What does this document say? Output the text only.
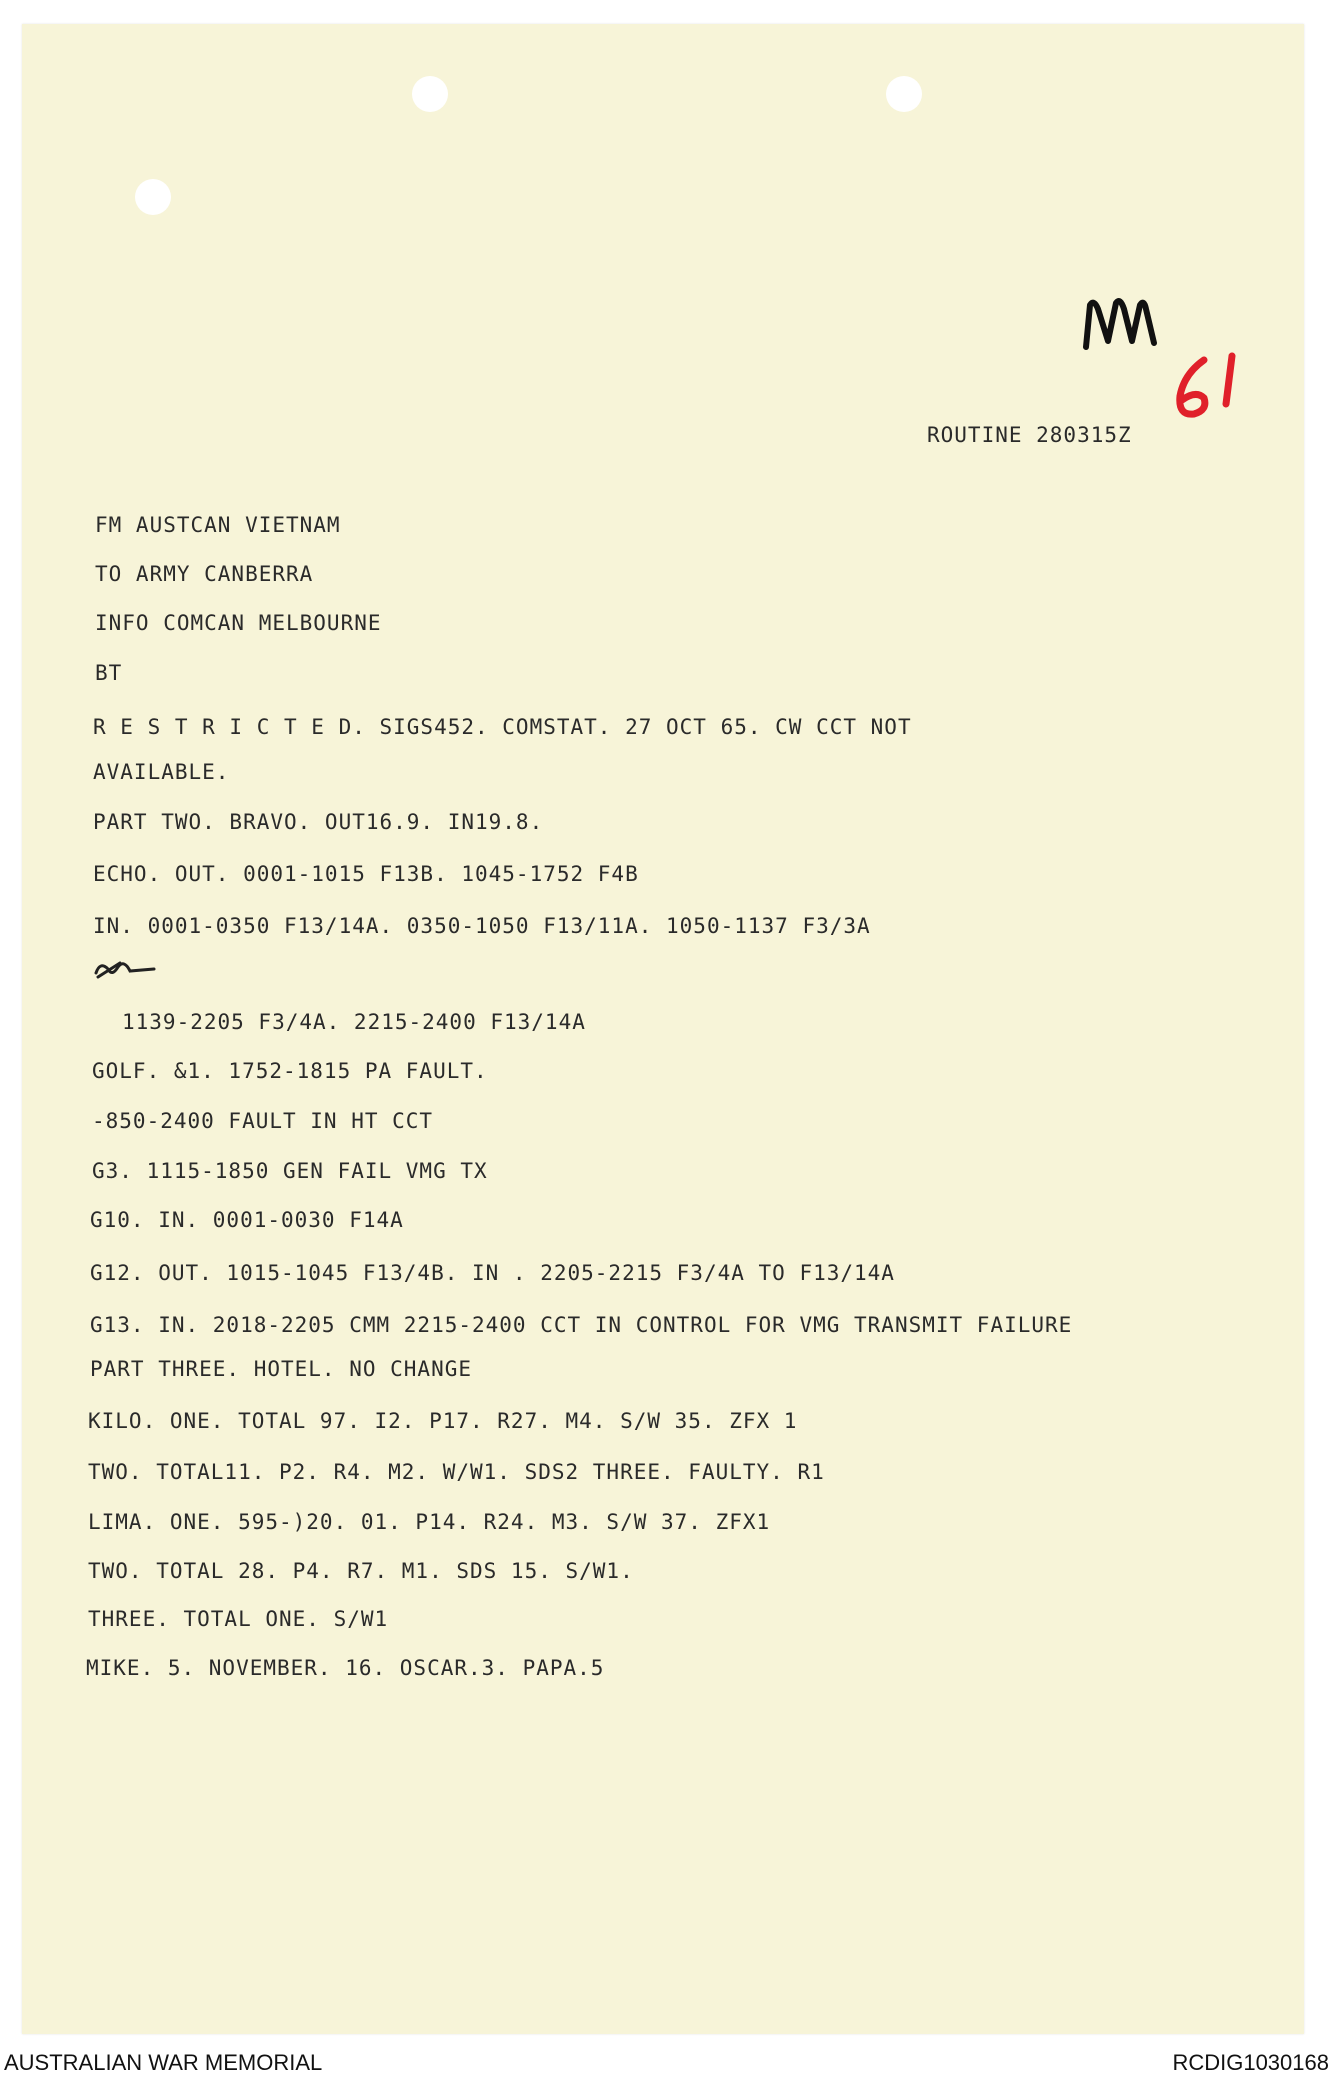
ROUTINE 280315Z
FM AUSTCAN VIETNAM
TO ARMY CANBERRA
INFO COMCAN MELBOURNE
BT
R E S T R I C T E D. SIGS452. COMSTAT. 27 OCT 65. CW CCT NOT
AVAILABLE.
PART TWO. BRAVO. OUT16.9. IN19.8.
ECHO. OUT. 0001-1015 F13B. 1045-1752 F4B
IN. 0001-0350 F13/14A. 0350-1050 F13/11A. 1050-1137 F3/3A
1139-2205 F3/4A. 2215-2400 F13/14A
GOLF. &1. 1752-1815 PA FAULT.
-850-2400 FAULT IN HT CCT
G3. 1115-1850 GEN FAIL VMG TX
G10. IN. 0001-0030 F14A
G12. OUT. 1015-1045 F13/4B. IN . 2205-2215 F3/4A TO F13/14A
G13. IN. 2018-2205 CMM 2215-2400 CCT IN CONTROL FOR VMG TRANSMIT FAILURE
PART THREE. HOTEL. NO CHANGE
KILO. ONE. TOTAL 97. I2. P17. R27. M4. S/W 35. ZFX 1
TWO. TOTAL11. P2. R4. M2. W/W1. SDS2 THREE. FAULTY. R1
LIMA. ONE. 595-)20. 01. P14. R24. M3. S/W 37. ZFX1
TWO. TOTAL 28. P4. R7. M1. SDS 15. S/W1.
THREE. TOTAL ONE. S/W1
MIKE. 5. NOVEMBER. 16. OSCAR.3. PAPA.5
AUSTRALIAN WAR MEMORIAL	RCDIG1030168
